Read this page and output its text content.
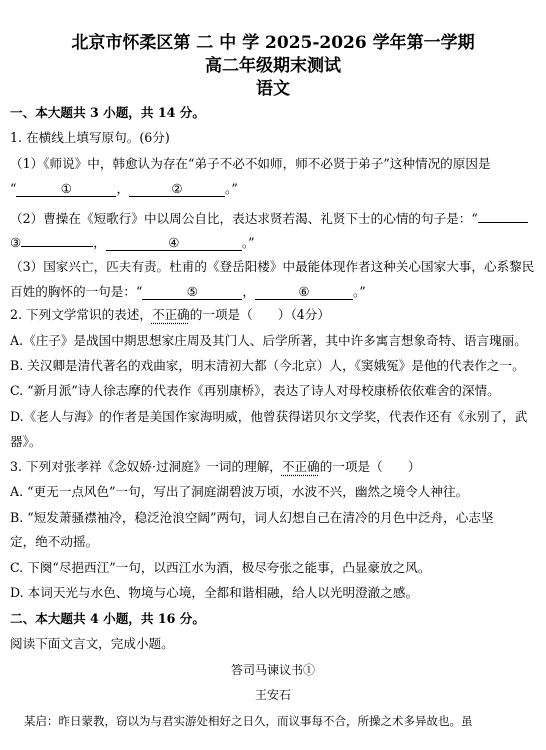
北京市怀柔区第 二 中 学 2025-2026 学年第一学期
高二年级期末测试
语文
一、本大题共 3 小题，共 14 分。
1. 在横线上填写原句。(6分)
（1）《师说》中，韩愈认为存在“弟子不必不如师，师不必贤于弟子”这种情况的原因是
“	①	，	②	。”
（2）曹操在《短歌行》中以周公自比，表达求贤若渴、礼贤下士的心情的句子是：“
③	，	④	。”
（3）国家兴亡，匹夫有责。杜甫的《登岳阳楼》中最能体现作者这种关心国家大事，心系黎民
百姓的胸怀的一句是：“	⑤	，	⑥	。”
2. 下列文学常识的表述，不正确的一项是（　　）（4分）
A.《庄子》是战国中期思想家庄周及其门人、后学所著，其中许多寓言想象奇特、语言瑰丽。
B. 关汉卿是清代著名的戏曲家，明末清初大都（今北京）人，《窦娥冤》是他的代表作之一。
C. “新月派”诗人徐志摩的代表作《再别康桥》，表达了诗人对母校康桥依依难舍的深情。
D.《老人与海》的作者是美国作家海明威，他曾获得诺贝尔文学奖，代表作还有《永别了，武
器》。
3. 下列对张孝祥《念奴娇·过洞庭》一词的理解，不正确的一项是（　　）
A. “更无一点风色”一句，写出了洞庭湖碧波万顷，水波不兴，幽然之境令人神往。
B. “短发萧骚襟袖冷，稳泛沧浪空阔”两句，词人幻想自己在清冷的月色中泛舟，心志坚
定，绝不动摇。
C. 下阕“尽挹西江”一句，以西江水为酒，极尽夸张之能事，凸显豪放之风。
D. 本词天光与水色、物境与心境，全都和谐相融，给人以光明澄澈之感。
二、本大题共 4 小题，共 16 分。
阅读下面文言文，完成小题。
答司马谏议书①
王安石
某启：昨日蒙教，窃以为与君实游处相好之日久，而议事每不合，所操之术多异故也。虽
